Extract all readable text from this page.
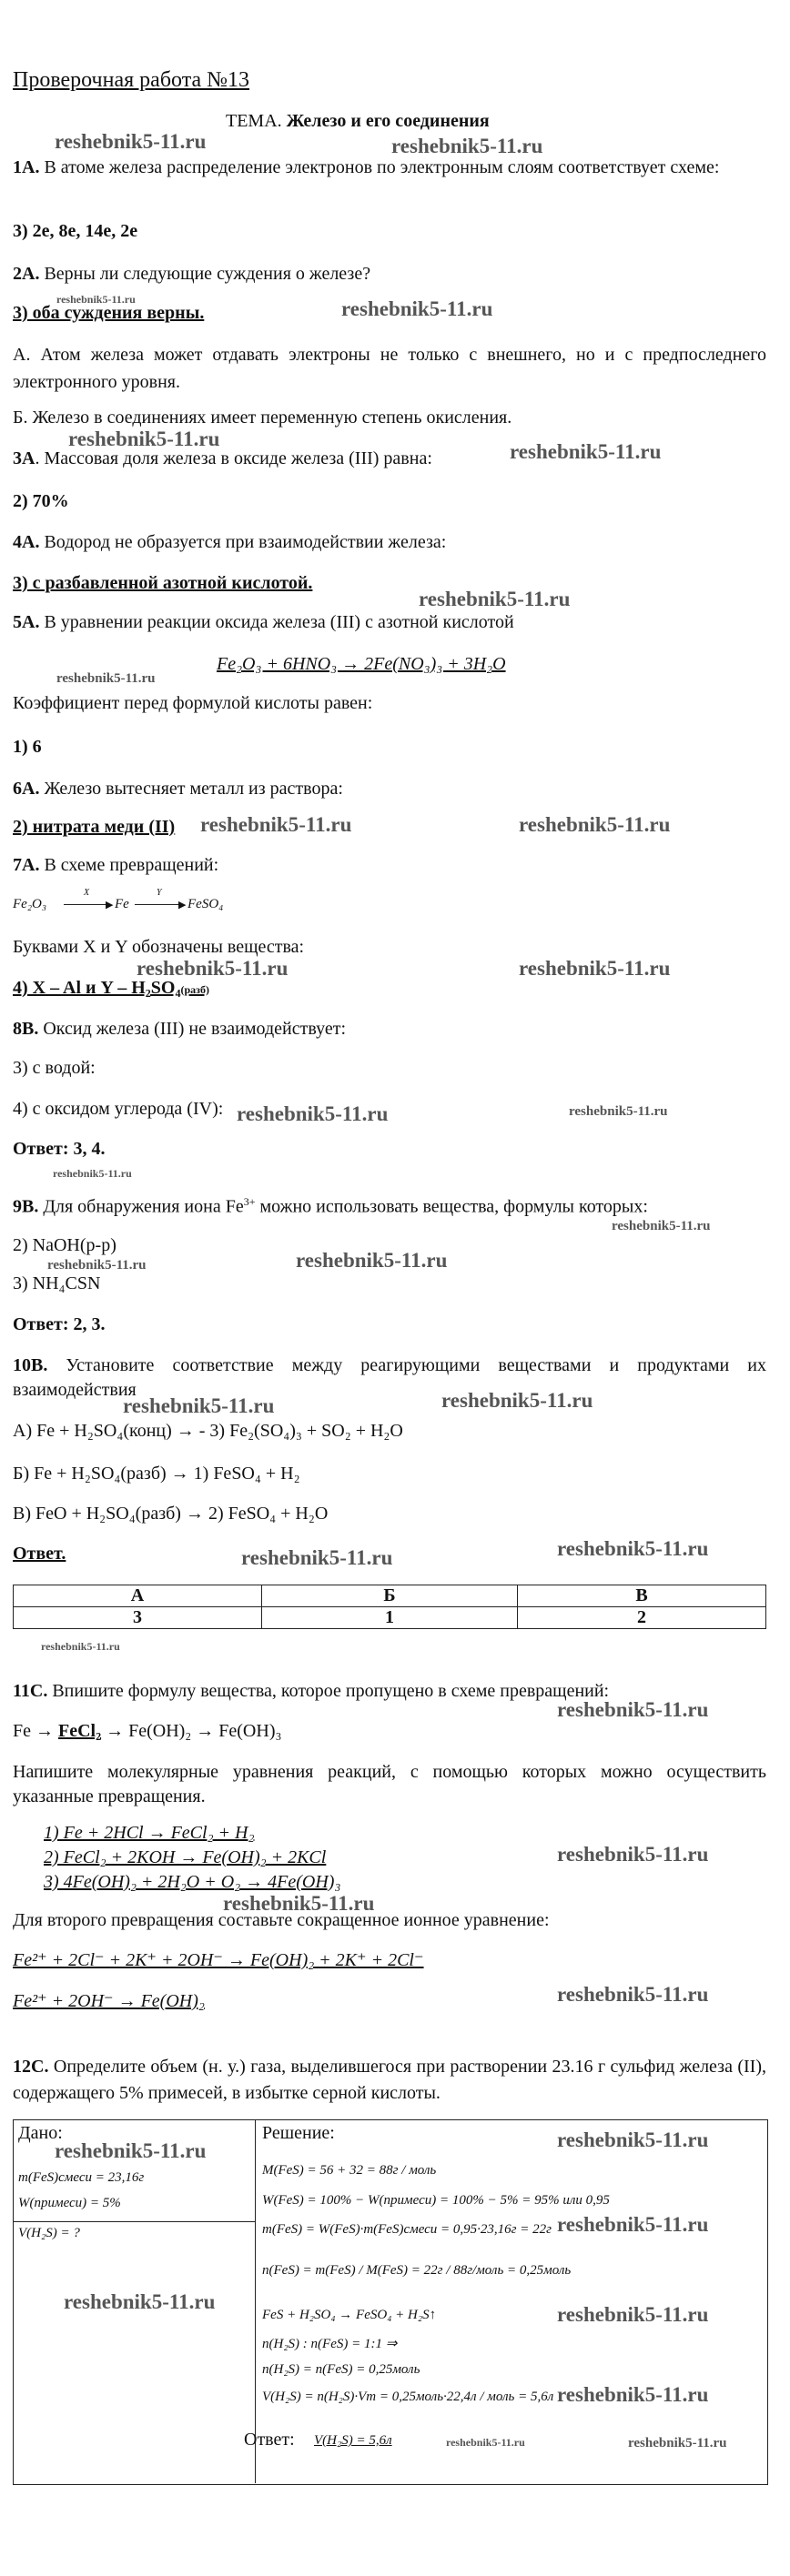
Проверочная работа №13
ТЕМА. Железо и его соединения
reshebnik5-11.ru	reshebnik5-11.ru
1А. В атоме железа распределение электронов по электронным слоям соответствует схеме:
3) 2е, 8е, 14е, 2е
2А. Верны ли следующие суждения о железе?
reshebnik5-11.ru
3) оба суждения верны.	reshebnik5-11.ru
А. Атом железа может отдавать электроны не только с внешнего, но и с предпоследнего электронного уровня.
Б. Железо в соединениях имеет переменную степень окисления.
reshebnik5-11.ru
3А. Массовая доля железа в оксиде железа (III) равна:	reshebnik5-11.ru
2) 70%
4А. Водород не образуется при взаимодействии железа:
3) с разбавленной азотной кислотой.
reshebnik5-11.ru
5А. В уравнении реакции оксида железа (III) с азотной кислотой
Fe₂O₃ + 6HNO₃ → 2Fe(NO₃)₃ + 3H₂O
reshebnik5-11.ru
Коэффициент перед формулой кислоты равен:
1) 6
6А. Железо вытесняет металл из раствора:
2) нитрата меди (II) reshebnik5-11.ru	reshebnik5-11.ru
7А. В схеме превращений:
Fe₂O₃
X
▶ Fe
Y
▶ FeSO₄
Буквами X и Y обозначены вещества:
reshebnik5-11.ru	reshebnik5-11.ru
4) X – Al и Y – H₂SO₄(разб)
8В. Оксид железа (III) не взаимодействует:
3) с водой:
4) с оксидом углерода (IV): reshebnik5-11.ru	reshebnik5-11.ru
Ответ: 3, 4.
reshebnik5-11.ru
9В. Для обнаружения иона $Fe^{3+}$ можно использовать вещества, формулы которых:
reshebnik5-11.ru
2) NaOH(р-р)
reshebnik5-11.ru
reshebnik5-11.ru
3) NH₄CSN
Ответ: 2, 3.
10В. Установите соответствие между реагирующими веществами и продуктами их взаимодействия
reshebnik5-11.ru	reshebnik5-11.ru
А) Fe + H₂SO₄(конц) → - 3) Fe₂(SO₄)₃ + SO₂ + H₂O
Б) Fe + H₂SO₄(разб) → 1) FeSO₄ + H₂
В) FeO + H₂SO₄(разб) → 2) FeSO₄ + H₂O
Ответ.	reshebnik5-11.ru	reshebnik5-11.ru
А	Б	В
3	1	2
reshebnik5-11.ru
11С. Впишите формулу вещества, которое пропущено в схеме превращений:
reshebnik5-11.ru
Fe → FeCl₂ → Fe(OH)₂ → Fe(OH)₃
Напишите молекулярные уравнения реакций, с помощью которых можно осуществить указанные превращения.
1) Fe + 2HCl → FeCl₂ + H₂
2) FeCl₂ + 2KOH → Fe(OH)₂ + 2KCl	reshebnik5-11.ru
3) 4Fe(OH)₂ + 2H₂O + O₂ → 4Fe(OH)₃
reshebnik5-11.ru
Для второго превращения составьте сокращенное ионное уравнение:
Fe²⁺ + 2Cl⁻ + 2K⁺ + 2OH⁻ → Fe(OH)₂ + 2K⁺ + 2Cl⁻
Fe²⁺ + 2OH⁻ → Fe(OH)₂	reshebnik5-11.ru
12С. Определите объем (н. у.) газа, выделившегося при растворении 23.16 г сульфид железа (II), содержащего 5% примесей, в избытке серной кислоты.
Дано:	Решение:
reshebnik5-11.ru	reshebnik5-11.ru
m(FeS)смеси = 23,16г
W(примеси) = 5%
V(H₂S) = ?
reshebnik5-11.ru
M(FeS) = 56 + 32 = 88г / моль
W(FeS) = 100% − W(примеси) = 100% − 5% = 95% или 0,95
m(FeS) = W(FeS)·m(FeS)смеси = 0,95·23,16г = 22г reshebnik5-11.ru
n(FeS) = m(FeS) / M(FeS) = 22г / 88г/моль = 0,25моль
FeS + H₂SO₄ → FeSO₄ + H₂S↑	reshebnik5-11.ru
n(H₂S) : n(FeS) = 1:1 ⇒
n(H₂S) = n(FeS) = 0,25моль
V(H₂S) = n(H₂S)·Vm = 0,25моль·22,4л / моль = 5,6л reshebnik5-11.ru
Ответ: V(H₂S) = 5,6л	reshebnik5-11.ru	reshebnik5-11.ru
